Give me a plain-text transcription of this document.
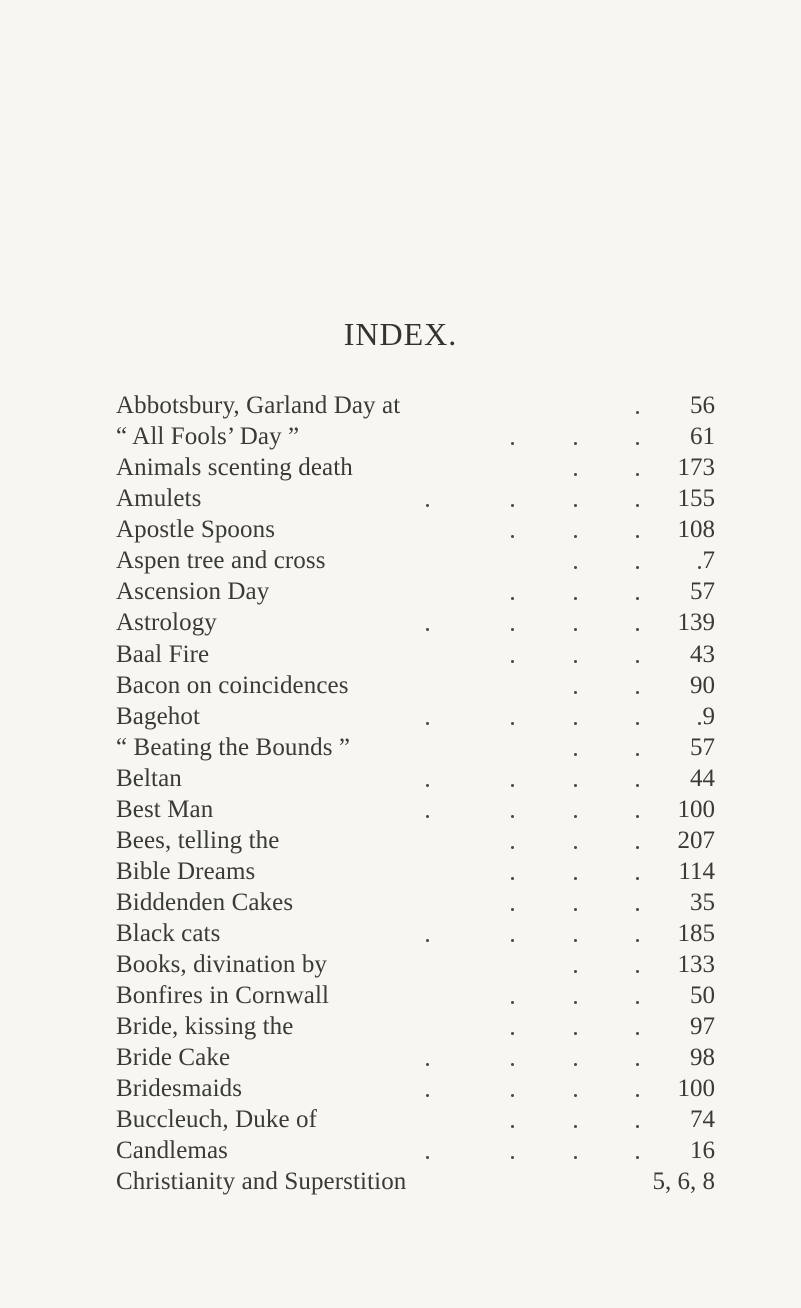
INDEX.
Abbotsbury, Garland Day at	56
“ All Fools’ Day ”	61
Animals scenting death	173
Amulets	155
Apostle Spoons	108
Aspen tree and cross	7
Ascension Day	57
Astrology	139
Baal Fire	43
Bacon on coincidences	90
Bagehot	9
“ Beating the Bounds ”	57
Beltan	44
Best Man	100
Bees, telling the	207
Bible Dreams	114
Biddenden Cakes	35
Black cats	185
Books, divination by	133
Bonfires in Cornwall	50
Bride, kissing the	97
Bride Cake	98
Bridesmaids	100
Buccleuch, Duke of	74
Candlemas	16
Christianity and Superstition	5, 6, 8
